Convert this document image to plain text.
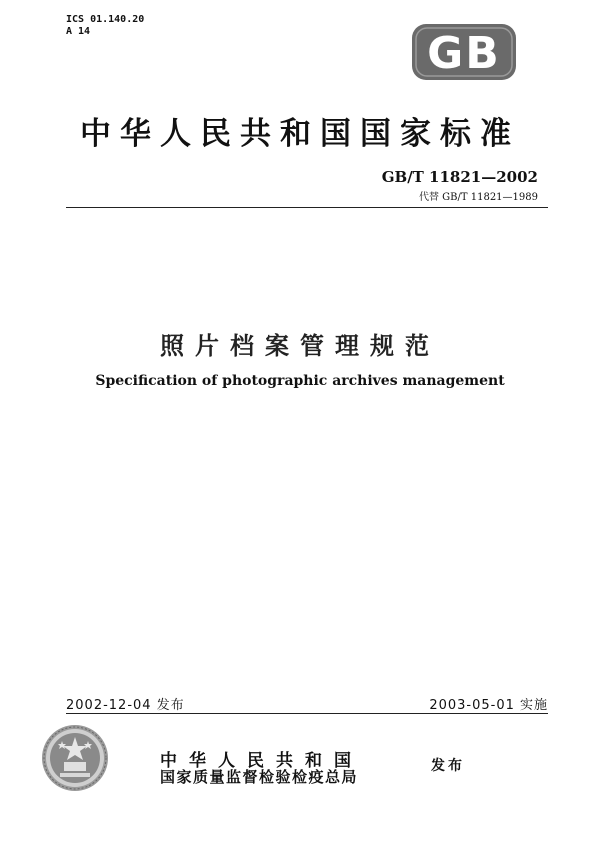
ICS 01.140.20
A 14	GB
中华人民共和国国家标准
GB/T 11821—2002
代替 GB/T 11821—1989
照片档案管理规范
Specification of photographic archives management
2002-12-04 发布	2003-05-01 实施
中华人民共和国
国家质量监督检验检疫总局
发布
